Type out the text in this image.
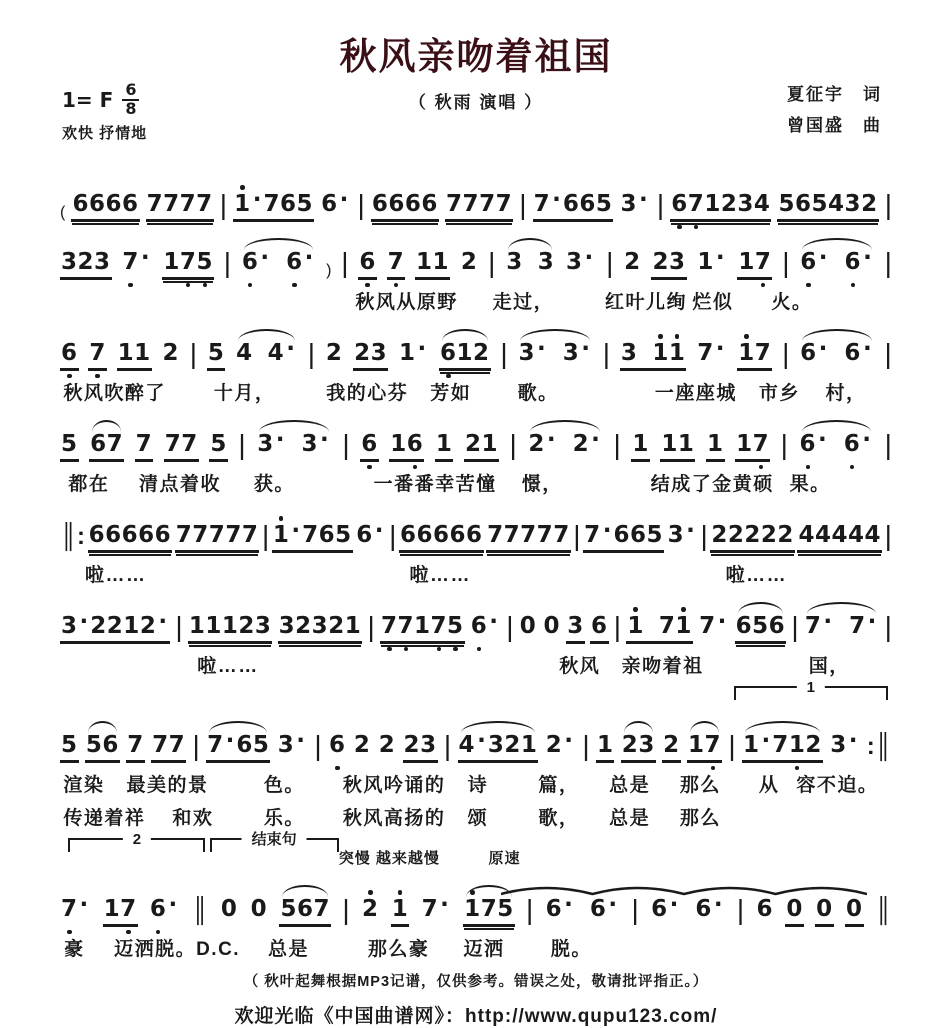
秋风亲吻着祖国
（ 秋雨 演唱 ）	夏征宇　词
曾国盛　曲
1= F $\frac{6}{8}$
欢快 抒情地
( 6 6 6 6 7 7 7 7 | 1 · 7 6 5 6 · | 6 6 6 6 7 7 7 7 | 7 · 6 6 5 3 · | 6 7 1 2 3 4 5 6 5 4 3 2 |
3 2 3 7 · 1 7 5 | 6 · 6 · ) | 6 7 1 1 2 | 3 3 3 · | 2 2 3 1 · 1 7 | 6 · 6 · |
秋风从原野 走过，	红叶儿绚 烂似 火。
6 7 1 1 2 | 5 4 4 · | 2 2 3 1 · 6 1 2 | 3 · 3 · | 3 1 1 7 · 1 7 | 6 · 6 · |
秋风吹醉了	十月，	我的心芬 芳如 歌。	一座座城 市乡 村，
5 6 7 7 7 7 5 | 3 · 3 · | 6 1 6 1 2 1 | 2 · 2 · | 1 1 1 1 1 7 | 6 · 6 · |
都在 清点着收 获。	一番番幸苦憧 憬，	结成了金黄硕 果。
║: 6 6 6 6 6 7 7 7 7 7 | 1 · 7 6 5 6 · | 6 6 6 6 6 7 7 7 7 7 | 7 · 6 6 5 3 · | 2 2 2 2 2 4 4 4 4 4 |
啦……	啦……	啦……
3 · 2 2 1 2 · | 1 1 1 2 3 3 2 3 2 1 | 7 7 1 7 5 6 · | 0 0 3 6 | 1 7 1 7 · 6 5 6 | 7 · 7 · |
啦……	秋风 亲吻着祖	国，
1
5 5 6 7 7 7 | 7 · 6 5 3 · | 6 2 2 2 3 | 4 · 3 2 1 2 · | 1 2 3 2 1 7 | 1 · 7 1 2 3 · :║
渲染 最美的景	色。 秋风吟诵的 诗	篇， 总是 那么 从 容不迫。
传递着祥 和欢	乐。 秋风高扬的 颂	歌， 总是 那么
2	结束句
突慢 越来越慢	原速
7 · 1 7 6 · ║ 0 0 5 6 7 | 2 1 7 · 1 7 5 | 6 · 6 · | 6 · 6 · | 6 0 0 0 ║
豪 迈洒脱。D.C. 总是	那么豪 迈洒 脱。
（ 秋叶起舞根据MP3记谱，仅供参考。错误之处，敬请批评指正。）
欢迎光临《中国曲谱网》：http://www.qupu123.com/
